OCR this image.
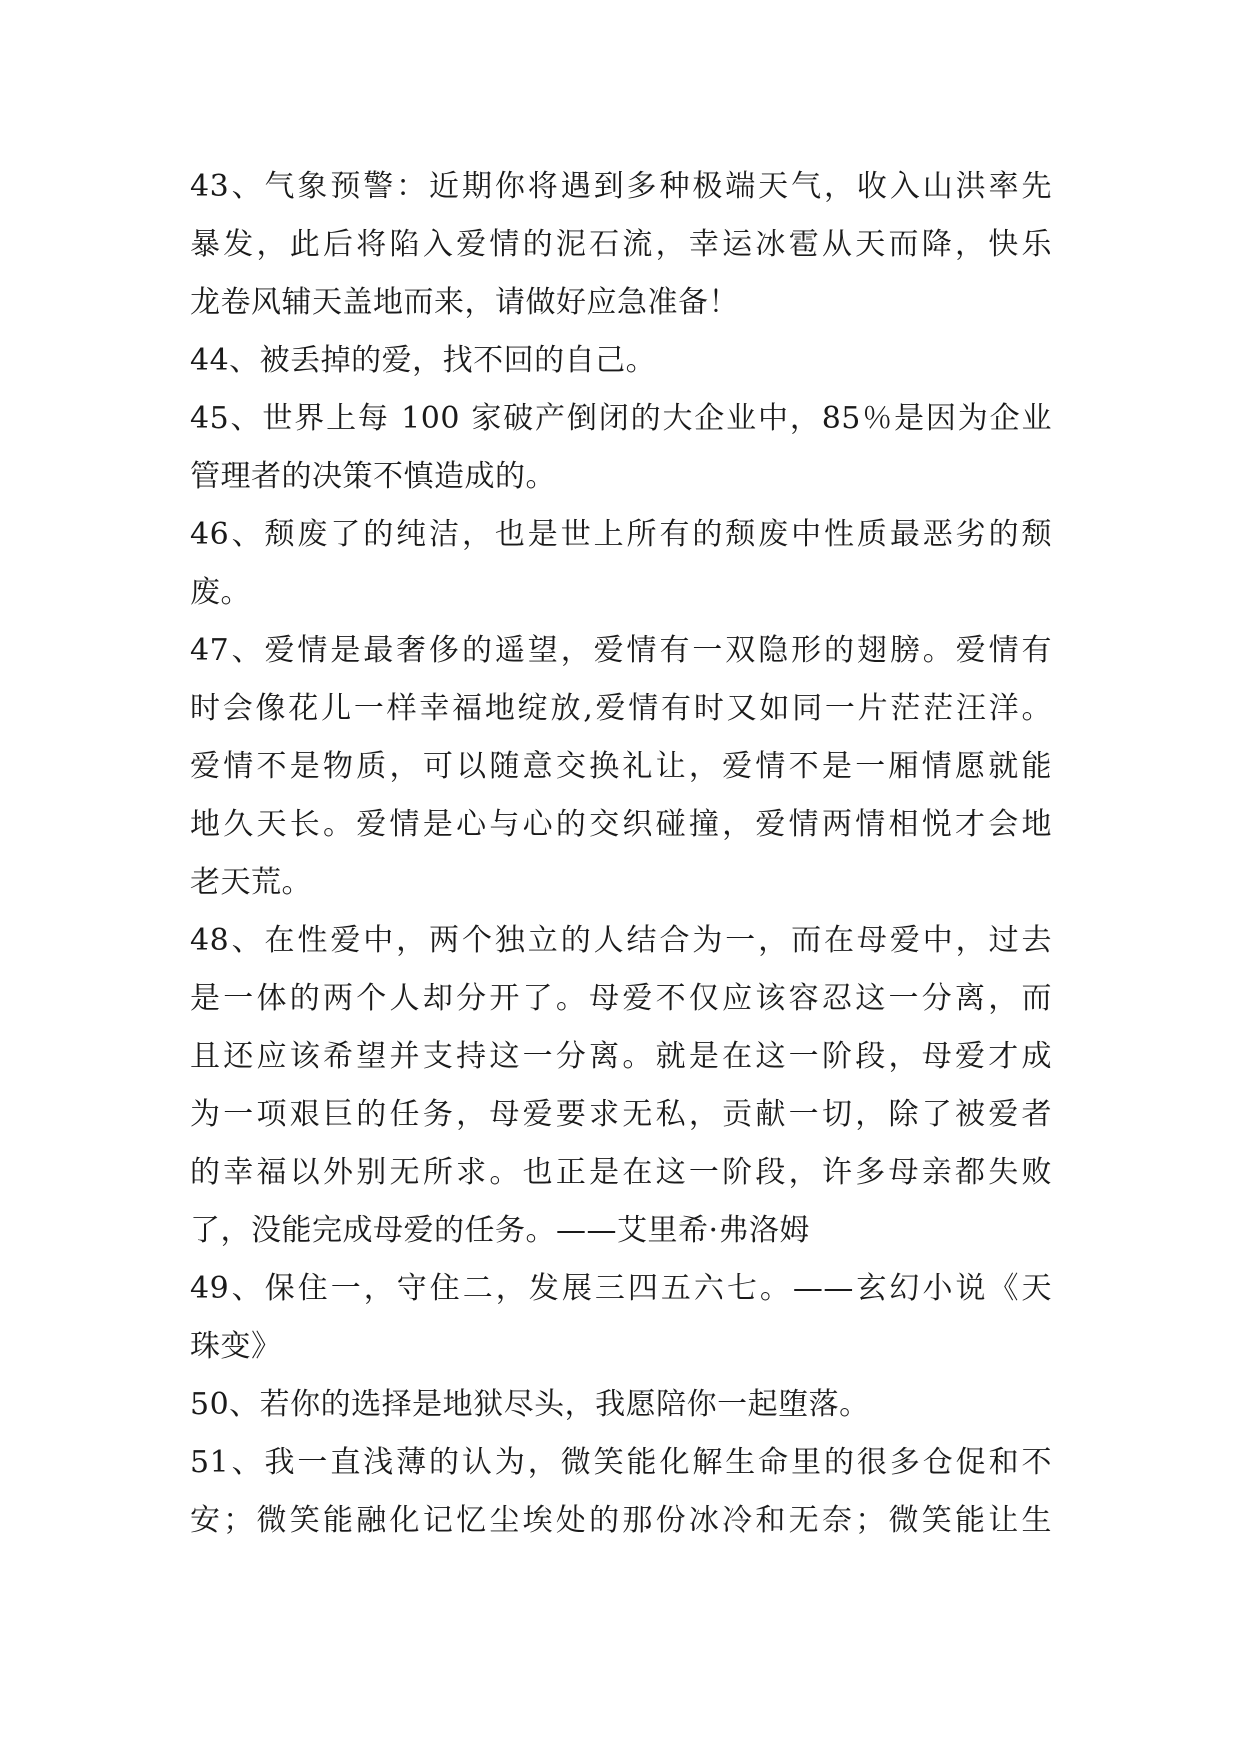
43、气象预警：近期你将遇到多种极端天气，收入山洪率先
暴发，此后将陷入爱情的泥石流，幸运冰雹从天而降，快乐
龙卷风辅天盖地而来，请做好应急准备！
44、被丢掉的爱，找不回的自己。
45、世界上每 100 家破产倒闭的大企业中，85％是因为企业
管理者的决策不慎造成的。
46、颓废了的纯洁，也是世上所有的颓废中性质最恶劣的颓
废。
47、爱情是最奢侈的遥望，爱情有一双隐形的翅膀。爱情有
时会像花儿一样幸福地绽放,爱情有时又如同一片茫茫汪洋。
爱情不是物质，可以随意交换礼让，爱情不是一厢情愿就能
地久天长。爱情是心与心的交织碰撞，爱情两情相悦才会地
老天荒。
48、在性爱中，两个独立的人结合为一，而在母爱中，过去
是一体的两个人却分开了。母爱不仅应该容忍这一分离，而
且还应该希望并支持这一分离。就是在这一阶段，母爱才成
为一项艰巨的任务，母爱要求无私，贡献一切，除了被爱者
的幸福以外别无所求。也正是在这一阶段，许多母亲都失败
了，没能完成母爱的任务。——艾里希·弗洛姆
49、保住一，守住二，发展三四五六七。——玄幻小说《天
珠变》
50、若你的选择是地狱尽头，我愿陪你一起堕落。
51、我一直浅薄的认为，微笑能化解生命里的很多仓促和不
安；微笑能融化记忆尘埃处的那份冰冷和无奈；微笑能让生
